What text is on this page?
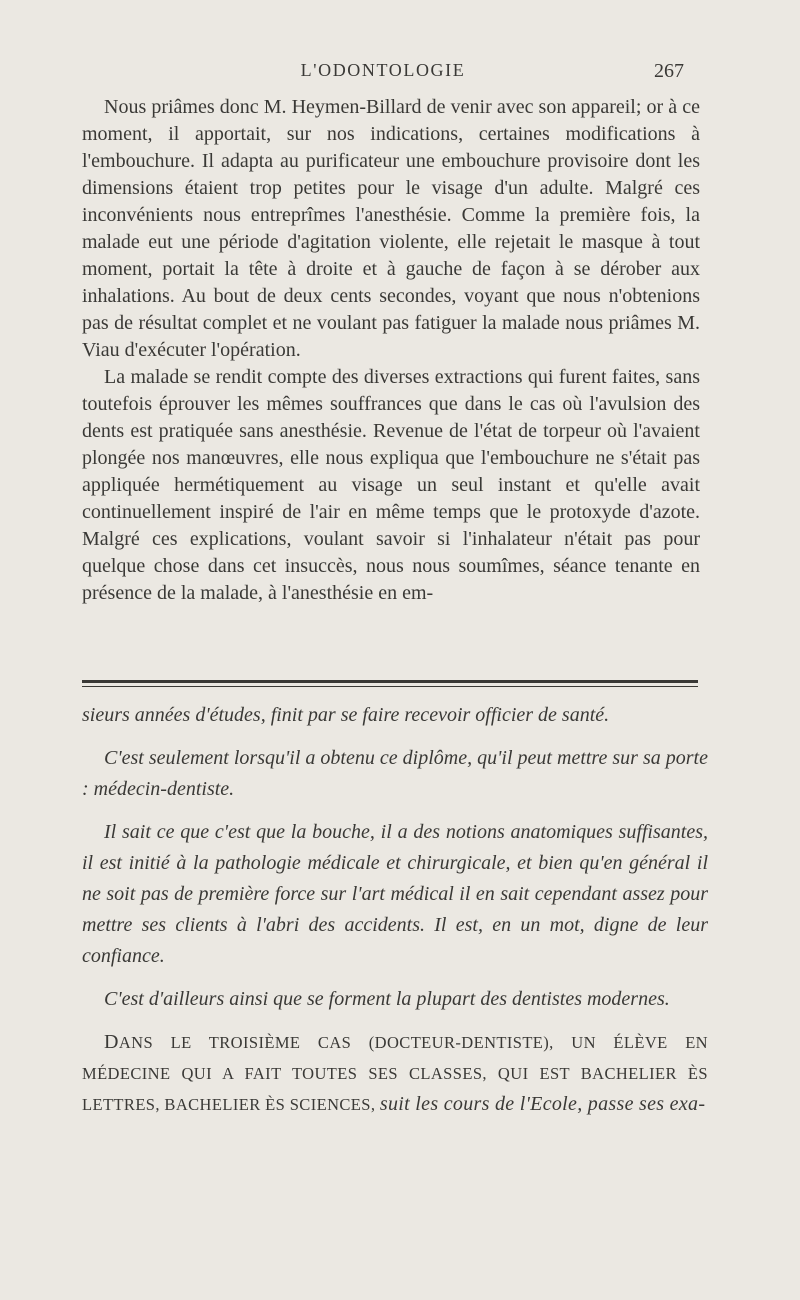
L'ODONTOLOGIE	267

Nous priâmes donc M. Heymen-Billard de venir avec son appareil; or à ce moment, il apportait, sur nos indications, certaines modifications à l'embouchure. Il adapta au purificateur une embouchure provisoire dont les dimensions étaient trop petites pour le visage d'un adulte. Malgré ces inconvénients nous entreprîmes l'anesthésie. Comme la première fois, la malade eut une période d'agitation violente, elle rejetait le masque à tout moment, portait la tête à droite et à gauche de façon à se dérober aux inhalations. Au bout de deux cents secondes, voyant que nous n'obtenions pas de résultat complet et ne voulant pas fatiguer la malade nous priâmes M. Viau d'exécuter l'opération.

La malade se rendit compte des diverses extractions qui furent faites, sans toutefois éprouver les mêmes souffrances que dans le cas où l'avulsion des dents est pratiquée sans anesthésie. Revenue de l'état de torpeur où l'avaient plongée nos manœuvres, elle nous expliqua que l'embouchure ne s'était pas appliquée hermétiquement au visage un seul instant et qu'elle avait continuellement inspiré de l'air en même temps que le protoxyde d'azote. Malgré ces explications, voulant savoir si l'inhalateur n'était pas pour quelque chose dans cet insuccès, nous nous soumîmes, séance tenante en présence de la malade, à l'anesthésie en em-

sieurs années d'études, finit par se faire recevoir officier de santé.

C'est seulement lorsqu'il a obtenu ce diplôme, qu'il peut mettre sur sa porte : médecin-dentiste.

Il sait ce que c'est que la bouche, il a des notions anatomiques suffisantes, il est initié à la pathologie médicale et chirurgicale, et bien qu'en général il ne soit pas de première force sur l'art médical il en sait cependant assez pour mettre ses clients à l'abri des accidents. Il est, en un mot, digne de leur confiance.

C'est d'ailleurs ainsi que se forment la plupart des dentistes modernes.

DANS LE TROISIÈME CAS (DOCTEUR-DENTISTE), UN ÉLÈVE EN MÉDECINE QUI A FAIT TOUTES SES CLASSES, QUI EST BACHELIER ÈS LETTRES, BACHELIER ÈS SCIENCES, suit les cours de l'Ecole, passe ses exa-
